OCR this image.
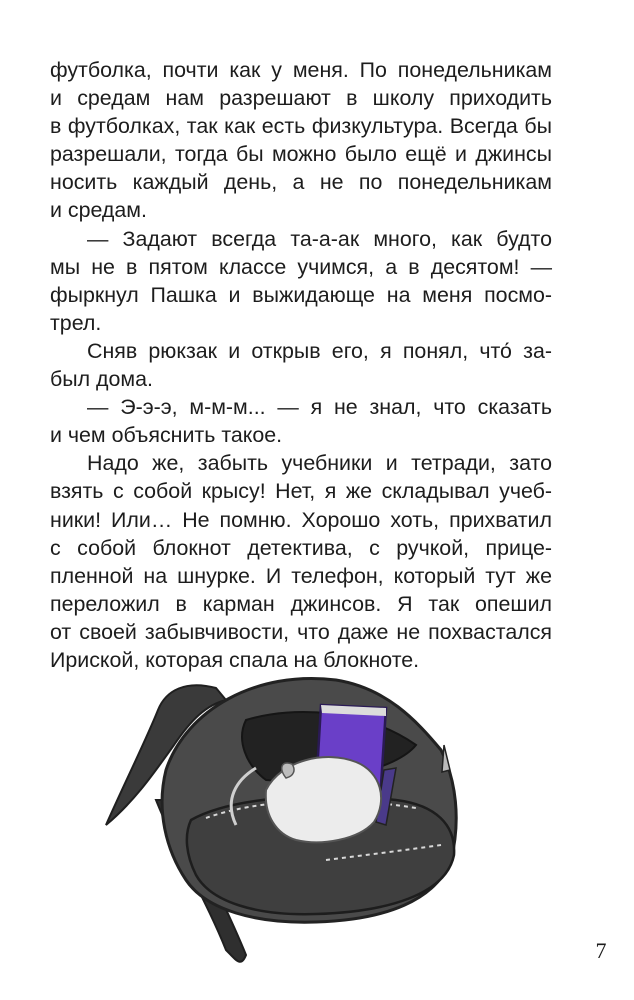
футболка, почти как у меня. По понедельникам
и средам нам разрешают в школу приходить
в футболках, так как есть физкультура. Всегда бы
разрешали, тогда бы можно было ещё и джинсы
носить каждый день, а не по понедельникам
и средам.
— Задают всегда та-а-ак много, как будто
мы не в пятом классе учимся, а в десятом! —
фыркнул Пашка и выжидающе на меня посмо-
трел.
Сняв рюкзак и открыв его, я понял, что́ за-
был дома.
— Э-э-э, м-м-м... — я не знал, что сказать
и чем объяснить такое.
Надо же, забыть учебники и тетради, зато
взять с собой крысу! Нет, я же складывал учеб-
ники! Или… Не помню. Хорошо хоть, прихватил
с собой блокнот детектива, с ручкой, прице-
пленной на шнурке. И телефон, который тут же
переложил в карман джинсов. Я так опешил
от своей забывчивости, что даже не похвастался
Ириской, которая спала на блокноте.
7
